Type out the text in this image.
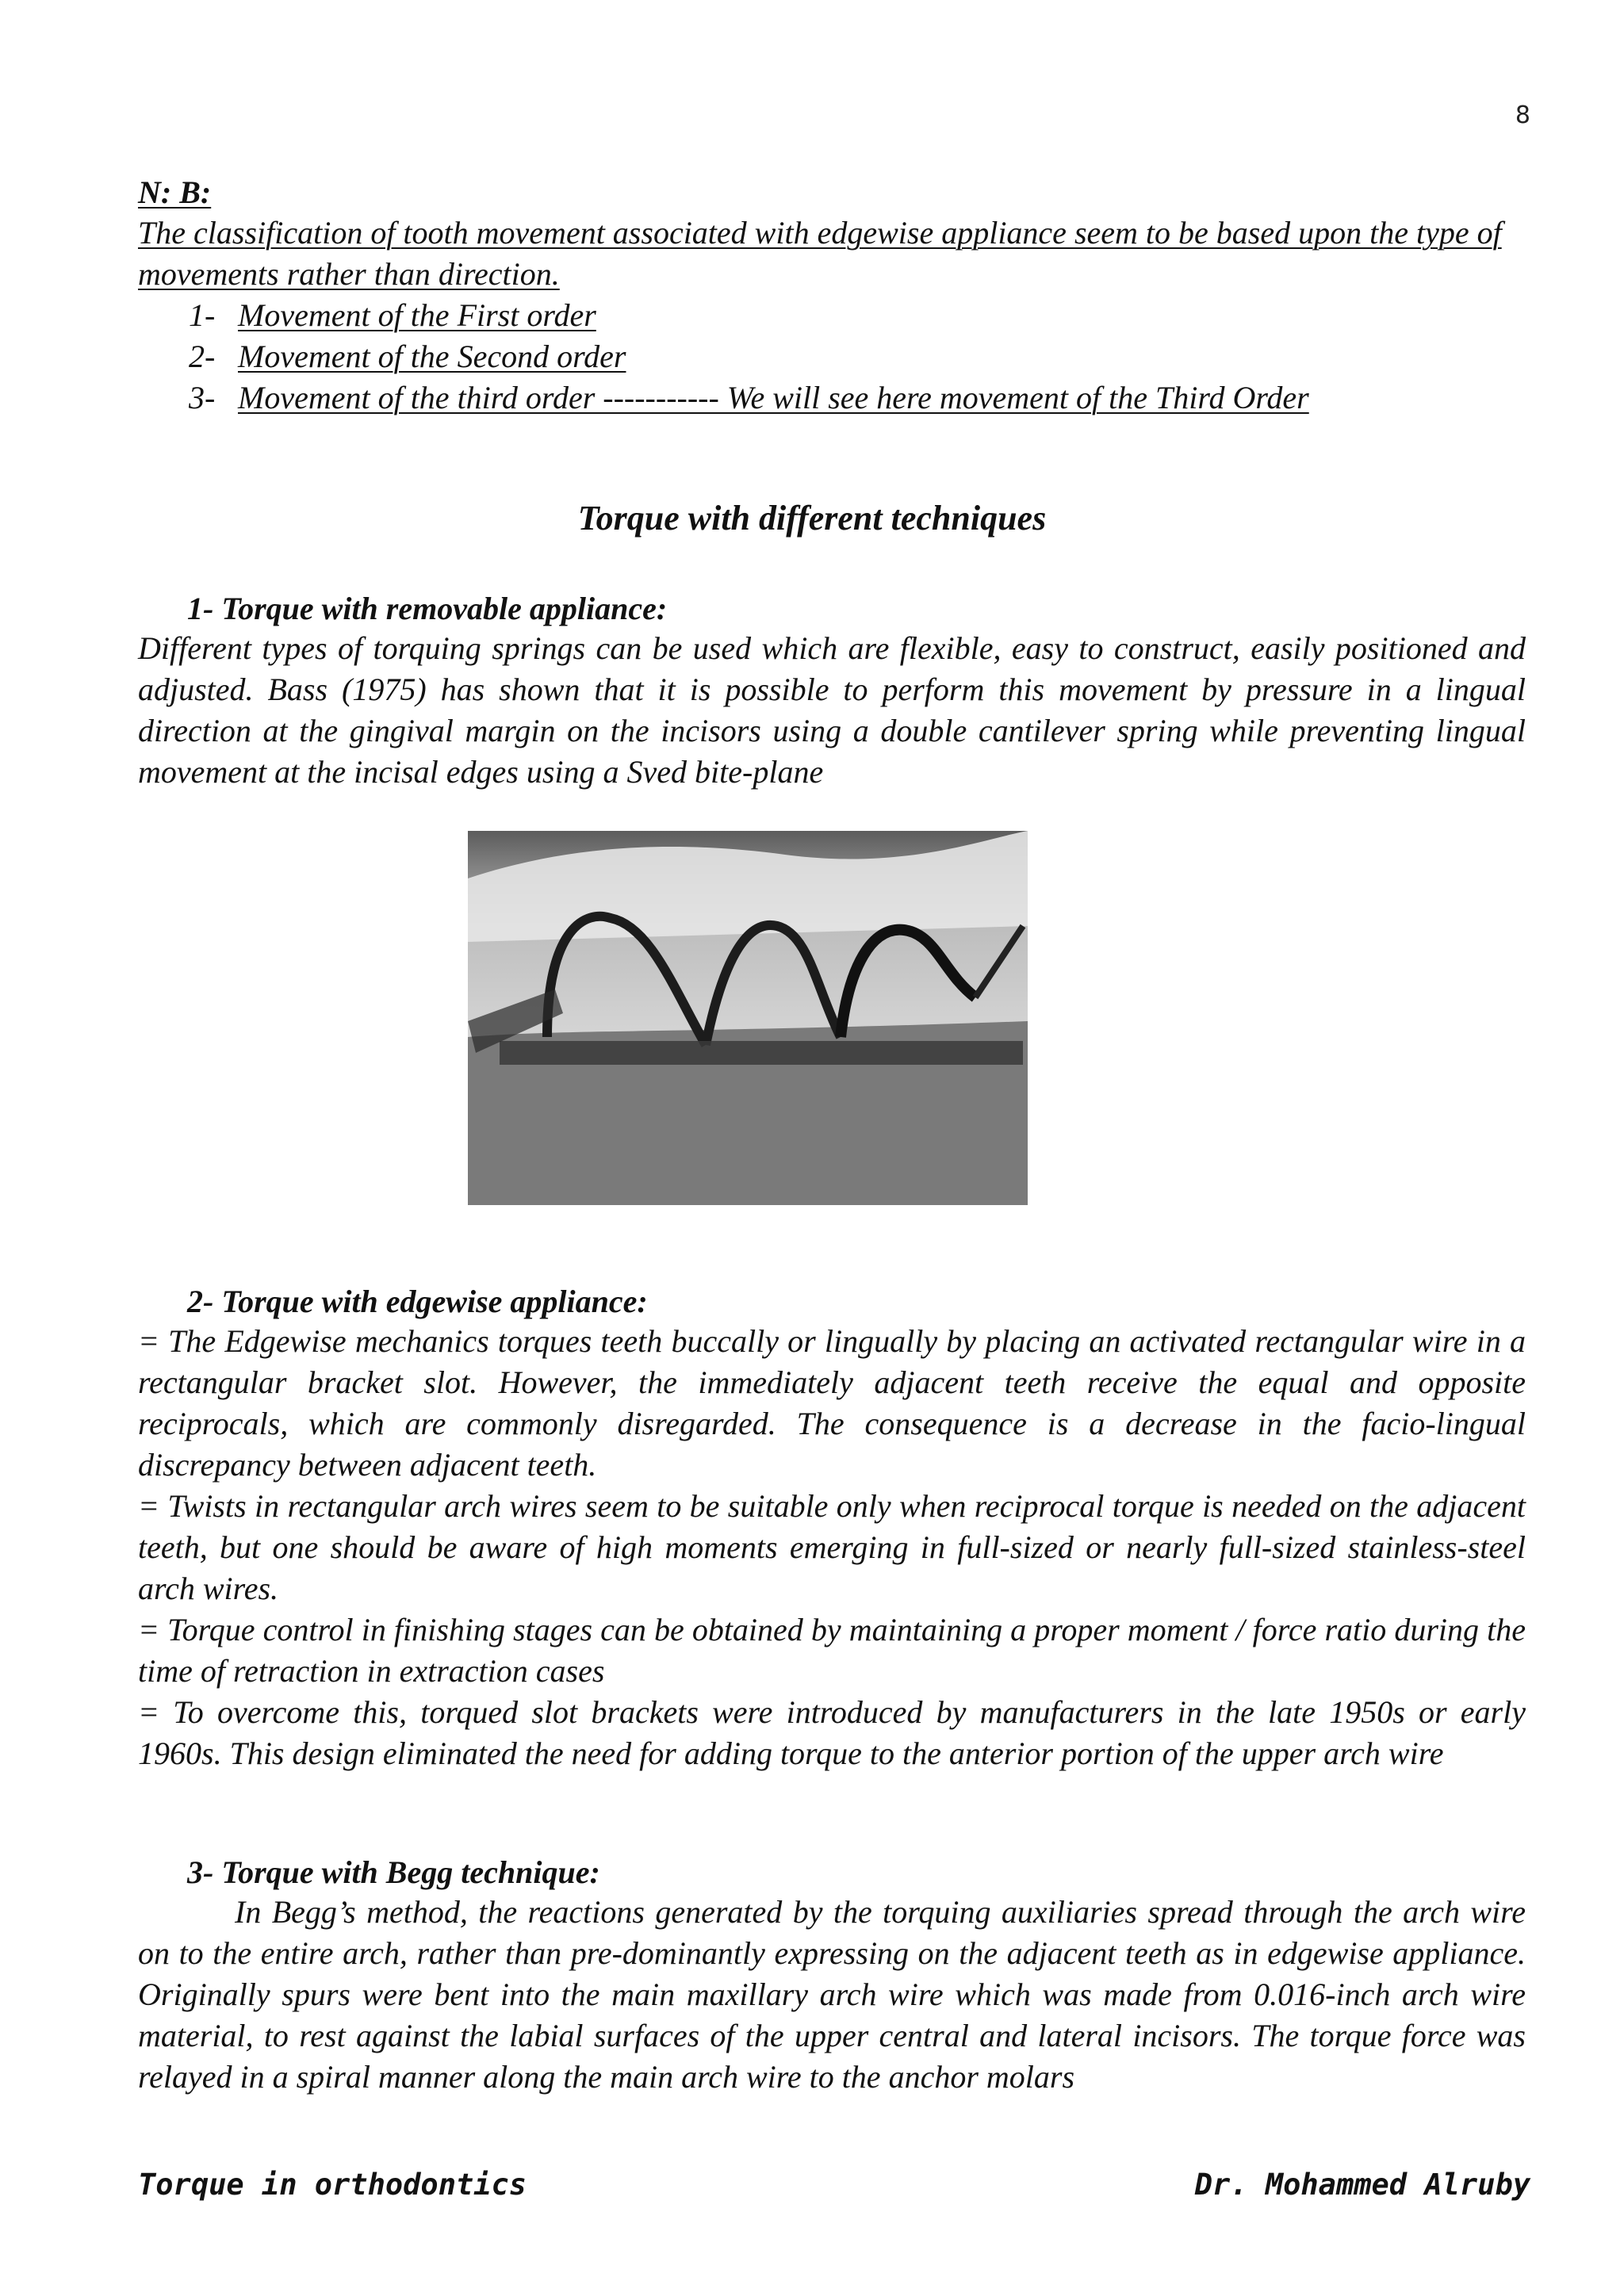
8
N: B:
The classification of tooth movement associated with edgewise appliance seem to be based upon the type of movements rather than direction.
1- Movement of the First order
2- Movement of the Second order
3- Movement of the third order ----------- We will see here movement of the Third Order
Torque with different techniques
1- Torque with removable appliance:

Different types of torquing springs can be used which are flexible, easy to construct, easily positioned and adjusted. Bass (1975) has shown that it is possible to perform this movement by pressure in a lingual direction at the gingival margin on the incisors using a double cantilever spring while preventing lingual movement at the incisal edges using a Sved bite-plane

2- Torque with edgewise appliance:

= The Edgewise mechanics torques teeth buccally or lingually by placing an activated rectangular wire in a rectangular bracket slot. However, the immediately adjacent teeth receive the equal and opposite reciprocals, which are commonly disregarded. The consequence is a decrease in the facio-lingual discrepancy between adjacent teeth.

= Twists in rectangular arch wires seem to be suitable only when reciprocal torque is needed on the adjacent teeth, but one should be aware of high moments emerging in full-sized or nearly full-sized stainless-steel arch wires.

= Torque control in finishing stages can be obtained by maintaining a proper moment / force ratio during the time of retraction in extraction cases

= To overcome this, torqued slot brackets were introduced by manufacturers in the late 1950s or early 1960s. This design eliminated the need for adding torque to the anterior portion of the upper arch wire

3- Torque with Begg technique:

In Begg’s method, the reactions generated by the torquing auxiliaries spread through the arch wire on to the entire arch, rather than pre-dominantly expressing on the adjacent teeth as in edgewise appliance. Originally spurs were bent into the main maxillary arch wire which was made from 0.016-inch arch wire material, to rest against the labial surfaces of the upper central and lateral incisors. The torque force was relayed in a spiral manner along the main arch wire to the anchor molars

Torque in orthodontics	Dr. Mohammed Alruby
